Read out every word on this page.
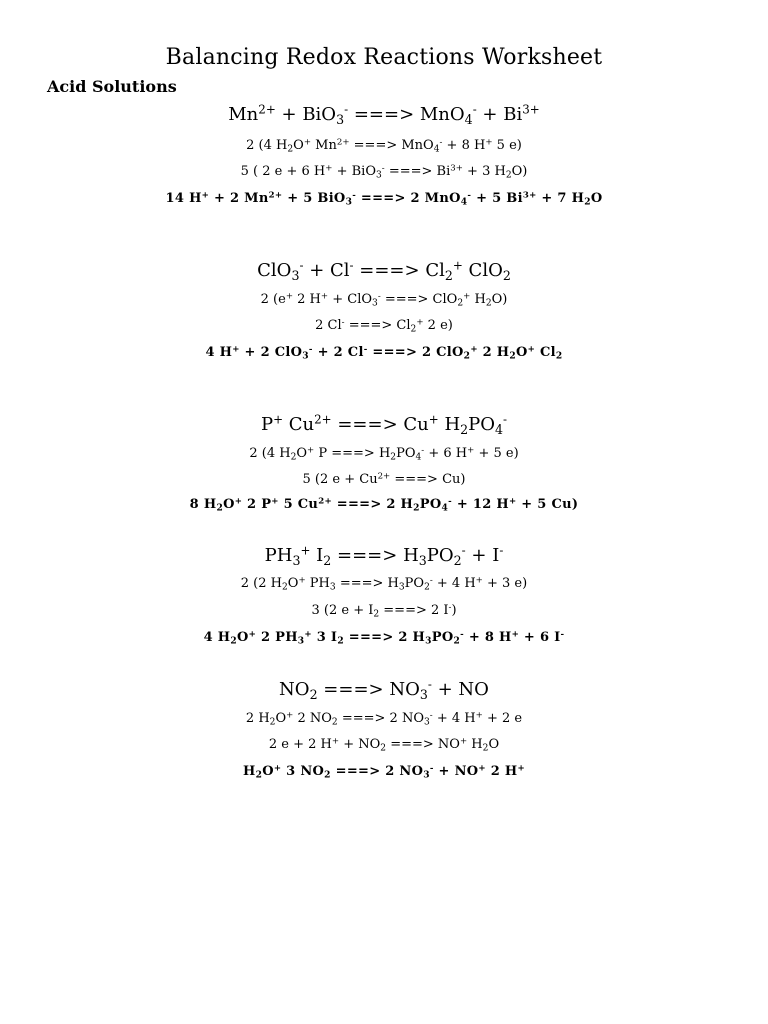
Balancing Redox Reactions Worksheet
Acid Solutions
$Mn^{2+} + BiO_3^-$ ===> $MnO_4^- + Bi^{3+}$
2 (4 $H_2O^+$ $Mn^{2+}$ ===> MnO$_4$- + 8 H+ 5 e)
5 ( 2 e + 6 H+ + BiO$_3$- ===> $Bi^{3+} + 3$ $H_2O$)
14 H+ + 2 $Mn^{2+} + 5$ BiO$_3$- ===> 2 MnO$_4$- + 5 $Bi^{3+} + 7$ $H_2O$
ClO$_3$- + Cl- ===> $Cl_2^+$ ClO$_2$
2 (e+ 2 H+ + ClO$_3$- ===> ClO$_2$+ $H_2O$)
2 Cl- ===> $Cl_2^+$ 2 e)
4 H+ + 2 ClO$_3$- + 2 Cl- ===> 2 ClO$_2$+ 2 $H_2O^+$ $Cl_2$
P+ $Cu^{2+}$ ===> Cu+ $H_2PO_4^-$
2 (4 $H_2O^+$ P ===> $H_2PO_4^- + 6$ H+ + 5 e)
5 (2 $e + Cu^{2+}$ ===> Cu)
8 $H_2O^+$ 2 P+ 5 $Cu^{2+}$ ===> 2 $H_2PO_4^- + 12$ H+ + 5 Cu)
$PH_3^+$ $I_2$ ===> $H_3PO_2^- + I^-$
2 (2 $H_2O^+$ $PH_3$ ===> $H_3PO_2^- + 4$ H+ + 3 e)
3 (2 $e + I_2$ ===> 2 I-)
4 $H_2O^+$ 2 $PH_3^+$ 3 $I_2$ ===> 2 $H_3PO_2^- + 8$ H+ + 6 I-
$NO_2$ ===> $NO_3^-$ + NO
2 $H_2O^+$ 2 $NO_2$ ===> 2 $NO_3^- + 4$ H+ + 2 e
2 e + 2 $H^+ + NO_2$ ===> NO+ $H_2O$
$H_2O^+$ 3 $NO_2$ ===> 2 $NO_3^- + NO^+$ 2 H+
